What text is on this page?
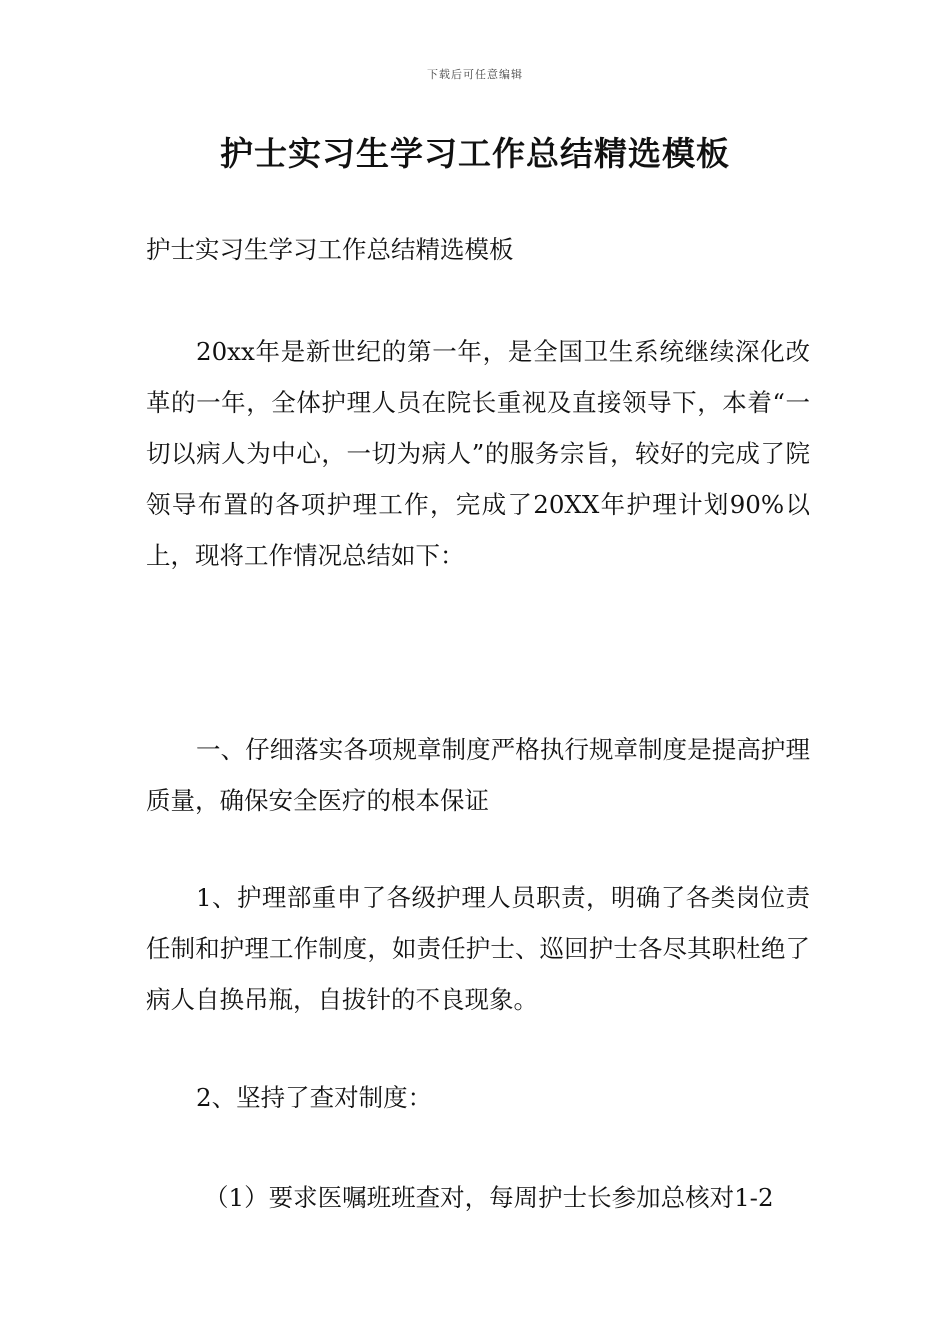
下载后可任意编辑
护士实习生学习工作总结精选模板

护士实习生学习工作总结精选模板

20xx年是新世纪的第一年，是全国卫生系统继续深化改革的一年，全体护理人员在院长重视及直接领导下，本着“一切以病人为中心，一切为病人”的服务宗旨，较好的完成了院领导布置的各项护理工作，完成了20XX年护理计划90%以上，现将工作情况总结如下：

一、仔细落实各项规章制度严格执行规章制度是提高护理质量，确保安全医疗的根本保证

1、护理部重申了各级护理人员职责，明确了各类岗位责任制和护理工作制度，如责任护士、巡回护士各尽其职杜绝了病人自换吊瓶，自拔针的不良现象。

2、坚持了查对制度：

（1）要求医嘱班班查对，每周护士长参加总核对1-2
